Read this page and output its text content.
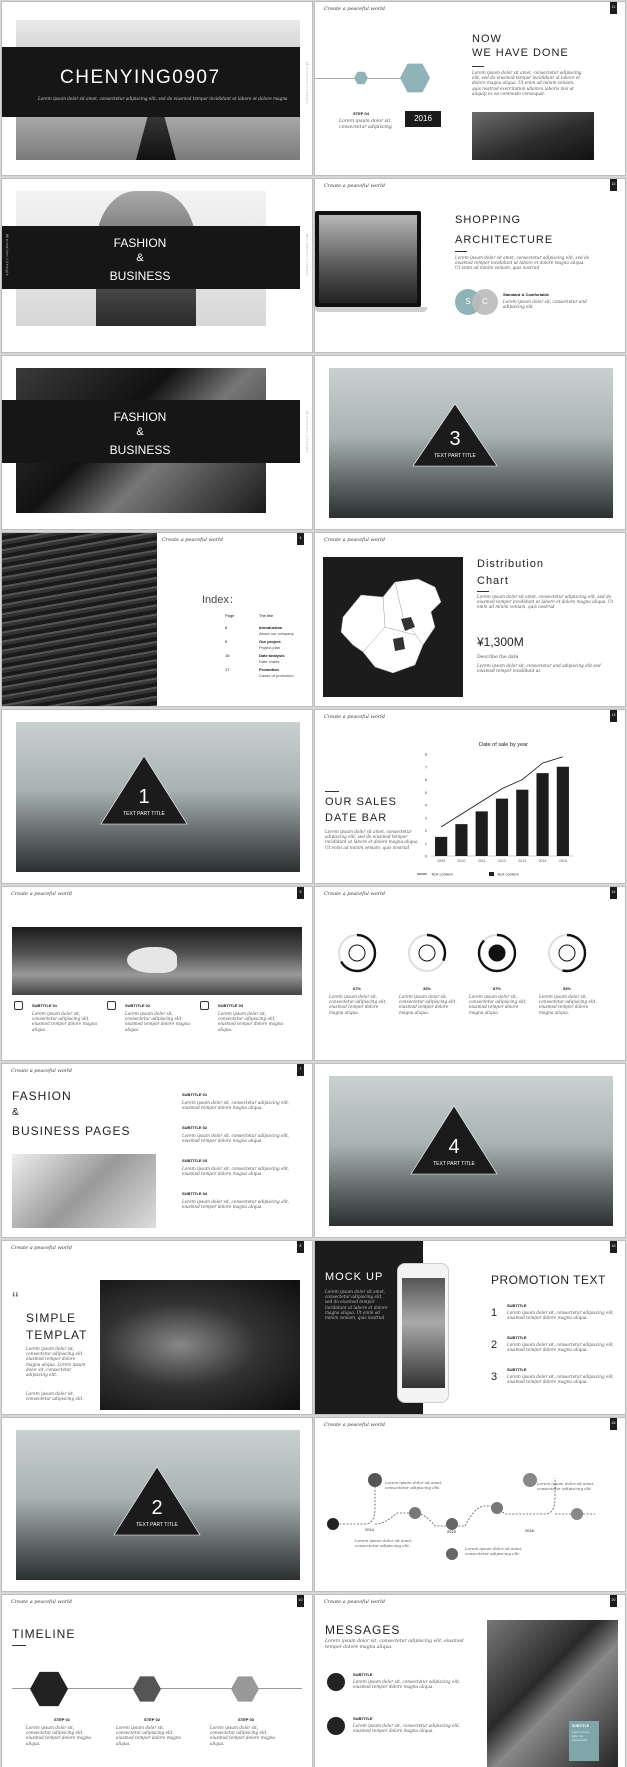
CHENYING0907
Lorem ipsum dolor sit amet, consectetur adipiscing elit, sed do eiusmod tempor incididunt ut labore et dolore magna	Minimalism Lifestyle
Create a peaceful world	11
STEP 04
Lorem ipsum dolor sit, consectetur adipiscing
2016
NOW
WE HAVE DONE
Lorem ipsum dolor sit amet, consectetur adipiscing elit, sed do eiusmod tempor incididunt ut labore et dolore magna aliqua. Ut enim ad minim veniam, quis nostrud exercitation ullamco laboris nisi ut aliquip ex ea commodo consequat.
FASHION
&
BUSINESS
Minimalism Lifestyle	Minimalism Lifestyle
Create a peaceful world	12
SHOPPING
ARCHITECTURE
Lorem ipsum dolor sit amet, consectetur adipiscing elit, sed do eiusmod tempor incididunt ut labore et dolore magna aliqua. Ut enim ad minim veniam, quis nostrud
S	C
Standard & Comfortable
Lorem ipsum dolor sit, consectetur and adipiscing elit
FASHION
&
BUSINESS	Minimalism Lifestyle	3
TEXT PART TITLE
Create a peaceful world	4
Index：
Page	The title
8	Introduction
About our company
9	Our project
Project plan
15	Date analysis
Date charts
17	Promotion
Cases of promotion
Create a peaceful world
Distribution
Chart
Lorem ipsum dolor sit amet, consectetur adipiscing elit, sed do eiusmod tempor incididunt ut labore et dolore magna aliqua. Ut enim ad minim veniam, quis nostrud
¥1,300M
Describe the date
Lorem ipsum dolor sit, consectetur and adipiscing elit sed eiusmod tempor incididunt ut.
1
TEXT PART TITLE
Create a peaceful world	13
OUR SALES
DATE BAR
Lorem ipsum dolor sit amet, consectetur adipiscing elit, sed do eiusmod tempor incididunt ut labore et dolore magna aliqua. Ut enim ad minim veniam, quis nostrud
Date of sale by year
0
1
2
3
4
5
6
7
8
2009	2010	2011	2012	2013	2014	2015
Text content	Text content
Create a peaceful world	5
SUBTITLE 01
Lorem ipsum dolor sit, consectetur adipiscing elit, eiusmod tempor dolore magna aliqua.
SUBTITLE 02
Lorem ipsum dolor sit, consectetur adipiscing elit, eiusmod tempor dolore magna aliqua.
SUBTITLE 03
Lorem ipsum dolor sit, consectetur adipiscing elit, eiusmod tempor dolore magna aliqua.
Create a peaceful world	14
67%
Lorem ipsum dolor sit, consectetur adipiscing elit, eiusmod tempor dolore magna aliqua.
32%
Lorem ipsum dolor sit, consectetur adipiscing elit, eiusmod tempor dolore magna aliqua.
87%
Lorem ipsum dolor sit, consectetur adipiscing elit, eiusmod tempor dolore magna aliqua.
54%
Lorem ipsum dolor sit, consectetur adipiscing elit, eiusmod tempor dolore magna aliqua.
Create a peaceful world	7
FASHION
&
BUSINESS PAGES
SUBTITLE 01
Lorem ipsum dolor sit, consectetur adipiscing elit, eiusmod tempor dolore magna aliqua.
SUBTITLE 02
Lorem ipsum dolor sit, consectetur adipiscing elit, eiusmod tempor dolore magna aliqua.
SUBTITLE 03
Lorem ipsum dolor sit, consectetur adipiscing elit, eiusmod tempor dolore magna aliqua.
SUBTITLE 04
Lorem ipsum dolor sit, consectetur adipiscing elit, eiusmod tempor dolore magna aliqua.
4
TEXT PART TITLE
Create a peaceful world	8
“
SIMPLE
TEMPLAT
Lorem ipsum dolor sit, consectetur adipiscing elit, eiusmod tempor dolore magna aliqua. Lorem ipsum dolor sit, consectetur adipiscing elit.
Lorem ipsum dolor sit, consectetur adipiscing elit.
15
MOCK UP
Lorem ipsum dolor sit amet, consectetur adipiscing elit, sed do eiusmod tempor incididunt ut labore et dolore magna aliqua. Ut enim ad minim veniam, quis nostrud
PROMOTION TEXT
1
SUBTITLE
Lorem ipsum dolor sit, consectetur adipiscing elit, eiusmod tempor dolore magna aliqua.
2
SUBTITLE
Lorem ipsum dolor sit, consectetur adipiscing elit, eiusmod tempor dolore magna aliqua.
3
SUBTITLE
Lorem ipsum dolor sit, consectetur adipiscing elit, eiusmod tempor dolore magna aliqua.
2
TEXT PART TITLE
Create a peaceful world	16
2014	2015	2016
Lorem ipsum dolor sit amet, consectetur adipiscing elit.
Lorem ipsum dolor sit amet, consectetur adipiscing elit.
Lorem ipsum dolor sit amet, consectetur adipiscing elit.
Lorem ipsum dolor sit amet, consectetur adipiscing elit.
Create a peaceful world	10
TIMELINE
STEP 01
Lorem ipsum dolor sit, consectetur adipiscing elit, eiusmod tempor dolore magna aliqua.
STEP 02
Lorem ipsum dolor sit, consectetur adipiscing elit, eiusmod tempor dolore magna aliqua.
STEP 03
Lorem ipsum dolor sit, consectetur adipiscing elit, eiusmod tempor dolore magna aliqua.
Create a peaceful world	20
MESSAGES
Lorem ipsum dolor sit, consectetur adipiscing elit, eiusmod tempor dolore magna aliqua.
SUBTITLE
Lorem ipsum dolor sit, consectetur adipiscing elit, eiusmod tempor dolore magna aliqua.
SUBTITLE
Lorem ipsum dolor sit, consectetur adipiscing elit, eiusmod tempor dolore magna aliqua.
SUBTITLE
Lorem ipsum dolor sit, consectetur
